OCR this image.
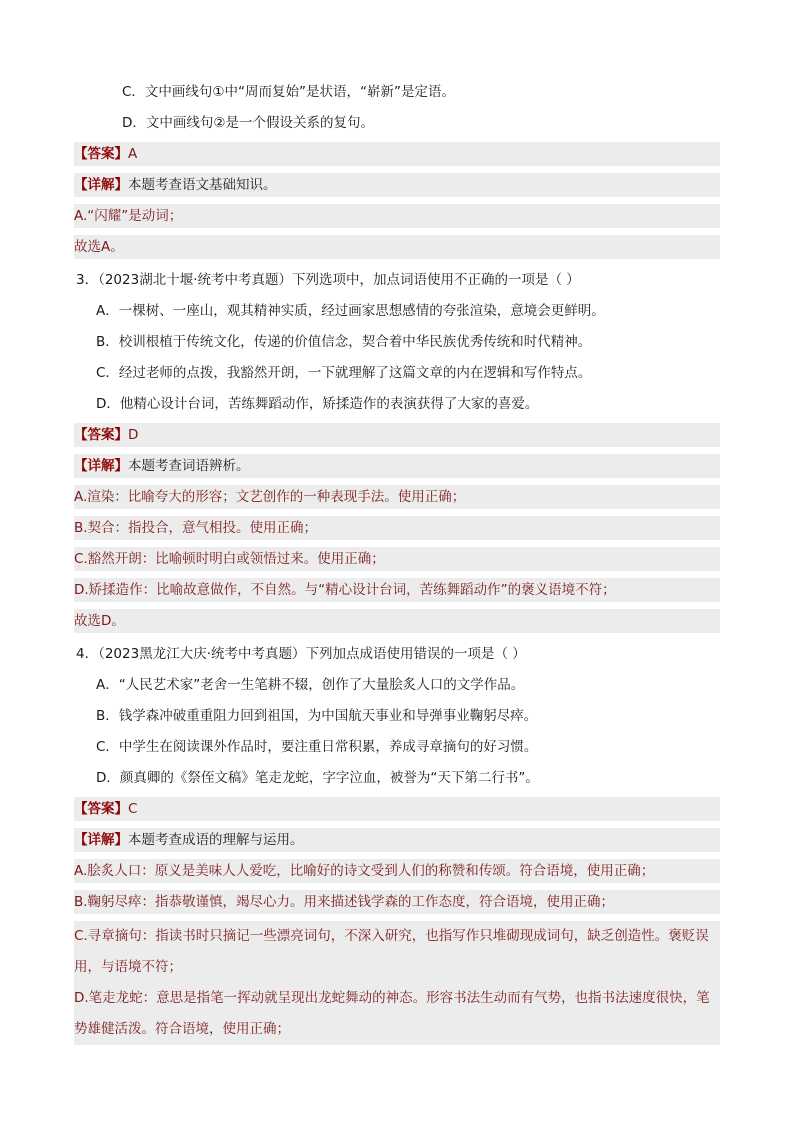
C．文中画线句①中“周而复始”是状语，“崭新”是定语。
D．文中画线句②是一个假设关系的复句。
【答案】A
【详解】本题考查语文基础知识。
A.“闪耀”是动词；
故选A。
3．（2023湖北十堰·统考中考真题）下列选项中，加点词语使用不正确的一项是（ ）
A．一棵树、一座山，观其精神实质，经过画家思想感情的夸张渲染，意境会更鲜明。
B．校训根植于传统文化，传递的价值信念，契合着中华民族优秀传统和时代精神。
C．经过老师的点拨，我豁然开朗，一下就理解了这篇文章的内在逻辑和写作特点。
D．他精心设计台词，苦练舞蹈动作，矫揉造作的表演获得了大家的喜爱。
【答案】D
【详解】本题考查词语辨析。
A.渲染：比喻夸大的形容；文艺创作的一种表现手法。使用正确；
B.契合：指投合，意气相投。使用正确；
C.豁然开朗：比喻顿时明白或领悟过来。使用正确；
D.矫揉造作：比喻故意做作，不自然。与“精心设计台词，苦练舞蹈动作”的褒义语境不符；
故选D。
4．（2023黑龙江大庆·统考中考真题）下列加点成语使用错误的一项是（ ）
A．“人民艺术家”老舍一生笔耕不辍，创作了大量脍炙人口的文学作品。
B．钱学森冲破重重阻力回到祖国，为中国航天事业和导弹事业鞠躬尽瘁。
C．中学生在阅读课外作品时，要注重日常积累，养成寻章摘句的好习惯。
D．颜真卿的《祭侄文稿》笔走龙蛇，字字泣血，被誉为“天下第二行书”。
【答案】C
【详解】本题考查成语的理解与运用。
A.脍炙人口：原义是美味人人爱吃，比喻好的诗文受到人们的称赞和传颂。符合语境，使用正确；
B.鞠躬尽瘁：指恭敬谨慎，竭尽心力。用来描述钱学森的工作态度，符合语境，使用正确；
C.寻章摘句：指读书时只摘记一些漂亮词句，不深入研究，也指写作只堆砌现成词句，缺乏创造性。褒贬误用，与语境不符；
D.笔走龙蛇：意思是指笔一挥动就呈现出龙蛇舞动的神态。形容书法生动而有气势，也指书法速度很快，笔势雄健活泼。符合语境，使用正确；
